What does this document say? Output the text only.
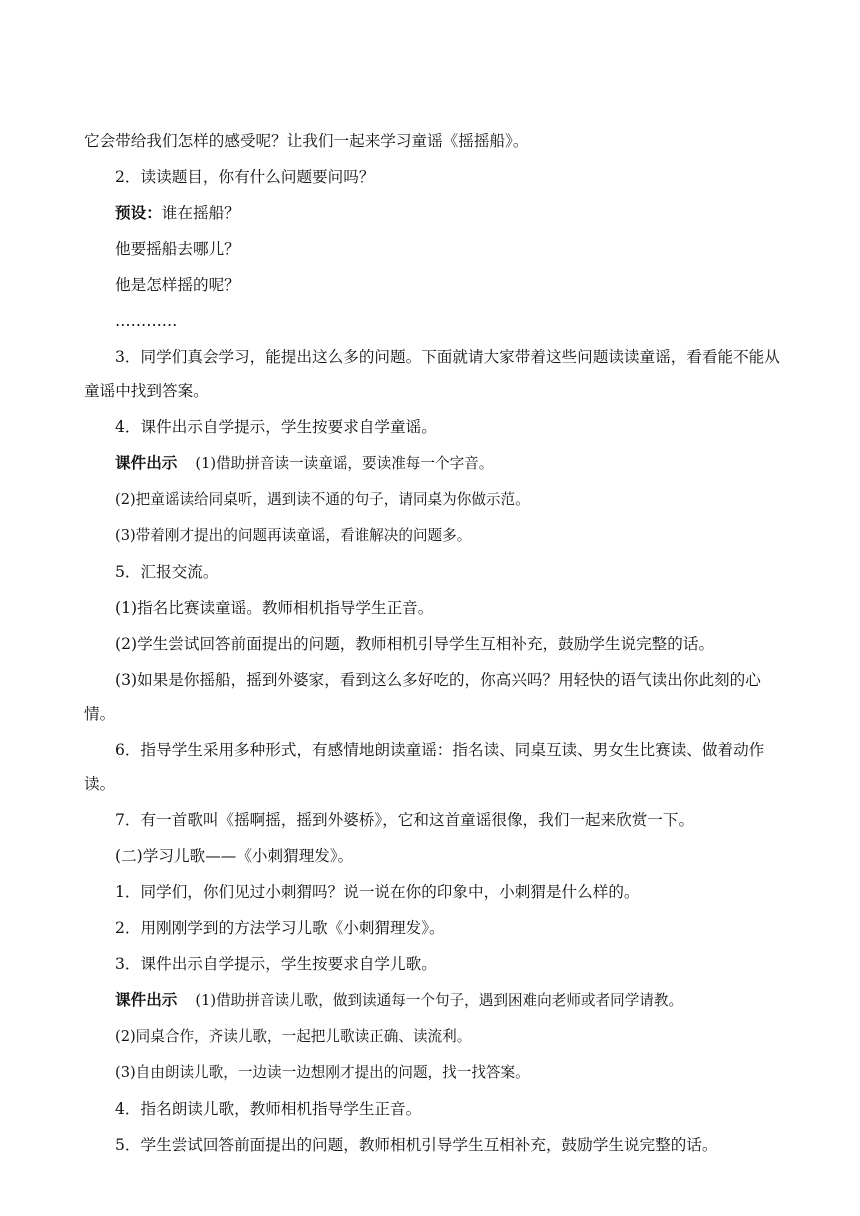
它会带给我们怎样的感受呢？让我们一起来学习童谣《摇摇船》。

2．读读题目，你有什么问题要问吗？

预设：谁在摇船？

他要摇船去哪儿？

他是怎样摇的呢？

…………

3．同学们真会学习，能提出这么多的问题。下面就请大家带着这些问题读读童谣，看看能不能从童谣中找到答案。

4．课件出示自学提示，学生按要求自学童谣。

课件出示 (1)借助拼音读一读童谣，要读准每一个字音。

(2)把童谣读给同桌听，遇到读不通的句子，请同桌为你做示范。

(3)带着刚才提出的问题再读童谣，看谁解决的问题多。

5．汇报交流。

(1)指名比赛读童谣。教师相机指导学生正音。

(2)学生尝试回答前面提出的问题，教师相机引导学生互相补充，鼓励学生说完整的话。

(3)如果是你摇船，摇到外婆家，看到这么多好吃的，你高兴吗？用轻快的语气读出你此刻的心情。

6．指导学生采用多种形式，有感情地朗读童谣：指名读、同桌互读、男女生比赛读、做着动作读。

7．有一首歌叫《摇啊摇，摇到外婆桥》，它和这首童谣很像，我们一起来欣赏一下。

(二)学习儿歌——《小刺猬理发》。

1．同学们，你们见过小刺猬吗？说一说在你的印象中，小刺猬是什么样的。

2．用刚刚学到的方法学习儿歌《小刺猬理发》。

3．课件出示自学提示，学生按要求自学儿歌。

课件出示 (1)借助拼音读儿歌，做到读通每一个句子，遇到困难向老师或者同学请教。

(2)同桌合作，齐读儿歌，一起把儿歌读正确、读流利。

(3)自由朗读儿歌，一边读一边想刚才提出的问题，找一找答案。

4．指名朗读儿歌，教师相机指导学生正音。

5．学生尝试回答前面提出的问题，教师相机引导学生互相补充，鼓励学生说完整的话。
